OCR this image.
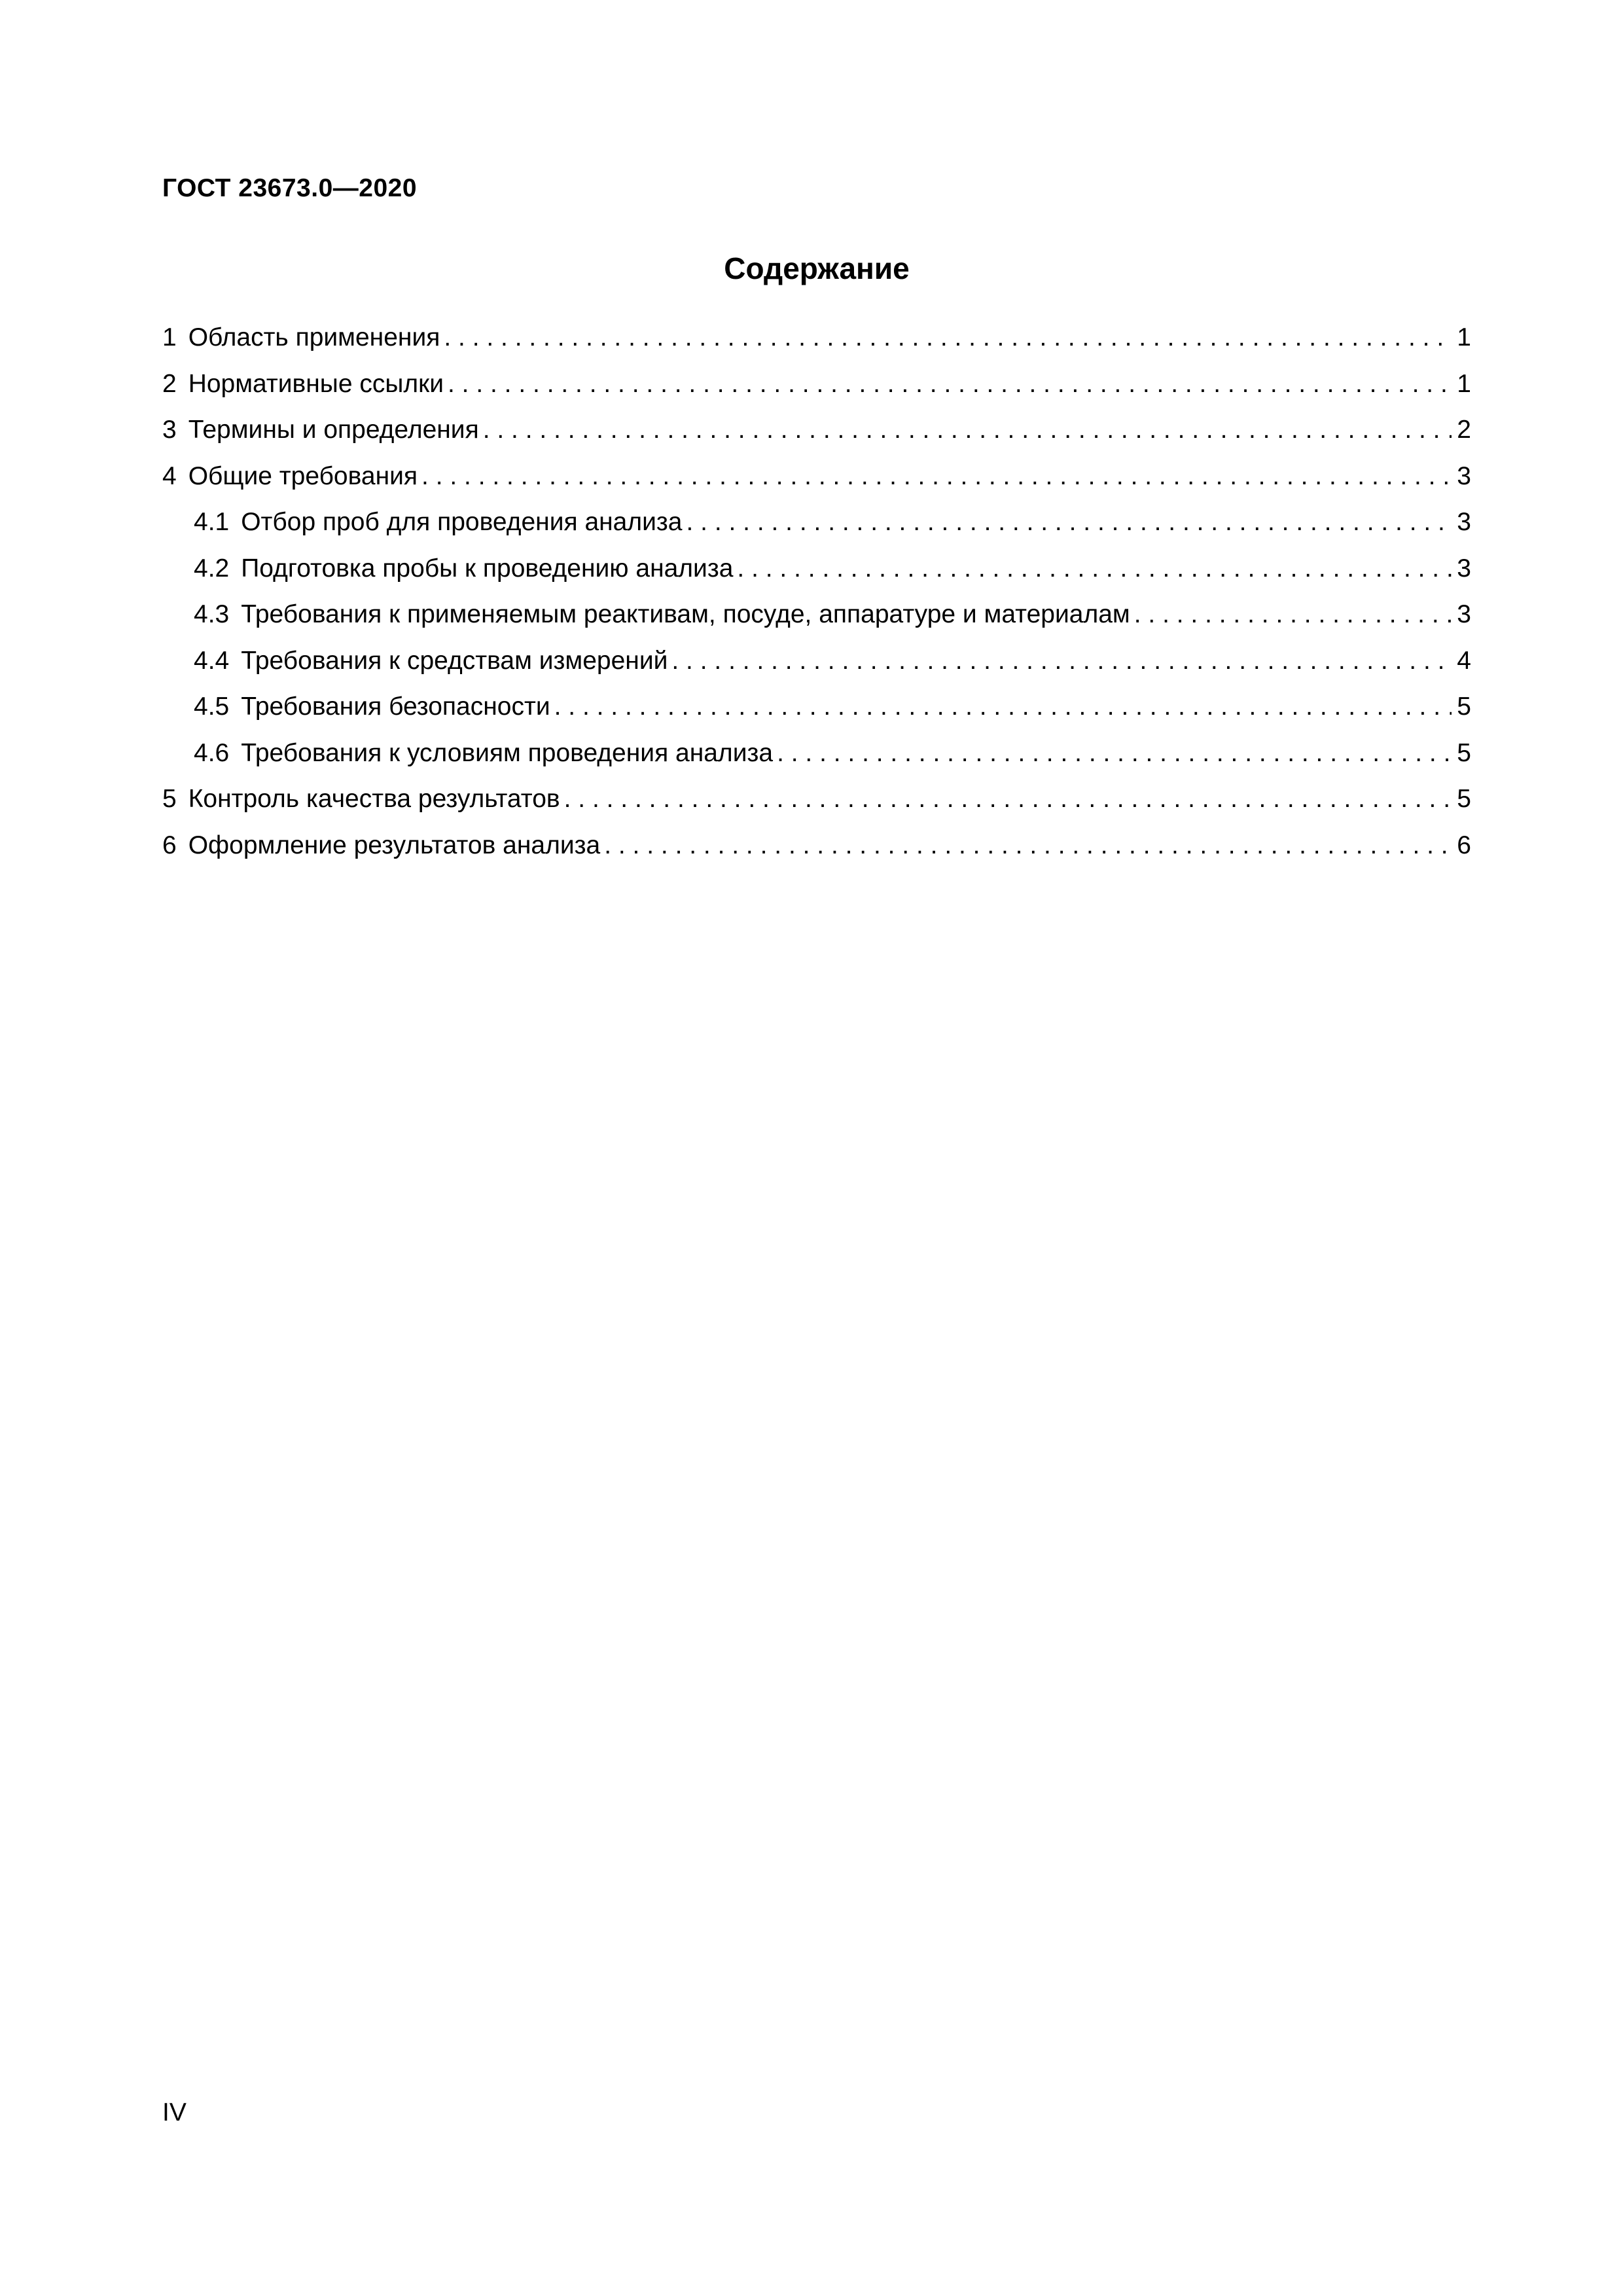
ГОСТ 23673.0—2020
Содержание
1 Область применения . . .	1
2 Нормативные ссылки . . .	1
3 Термины и определения . . .	2
4 Общие требования . . .	3
4.1 Отбор проб для проведения анализа . . .	3
4.2 Подготовка пробы к проведению анализа . . .	3
4.3 Требования к применяемым реактивам, посуде, аппаратуре и материалам . . .	3
4.4 Требования к средствам измерений . . .	4
4.5 Требования безопасности . . .	5
4.6 Требования к условиям проведения анализа . . .	5
5 Контроль качества результатов . . .	5
6 Оформление результатов анализа . . .	6
IV
